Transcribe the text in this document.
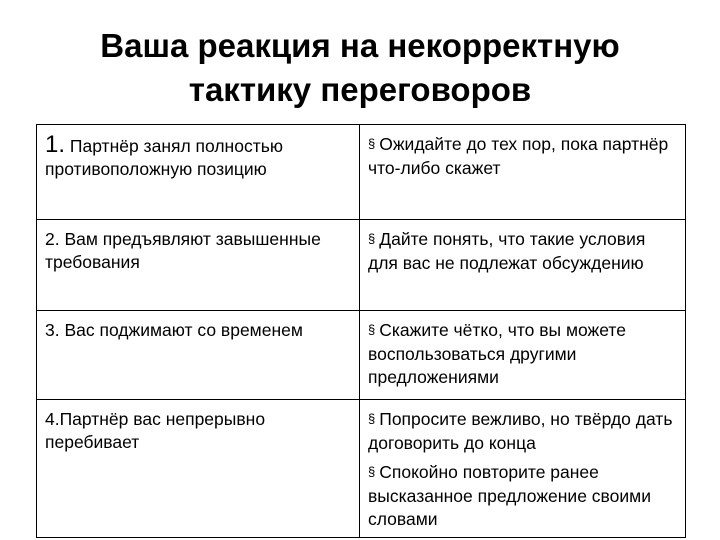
Ваша реакция на некорректную
тактику переговоров
1. Партнёр занял полностью противоположную позицию	§ Ожидайте до тех пор, пока партнёр что-либо скажет

2. Вам предъявляют завышенные требования	§ Дайте понять, что такие условия для вас не подлежат обсуждению

3. Вас поджимают со временем	§ Скажите чётко, что вы можете воспользоваться другими предложениями

4.Партнёр вас непрерывно перебивает	§ Попросите вежливо, но твёрдо дать договорить до конца
§ Спокойно повторите ранее высказанное предложение своими словами
